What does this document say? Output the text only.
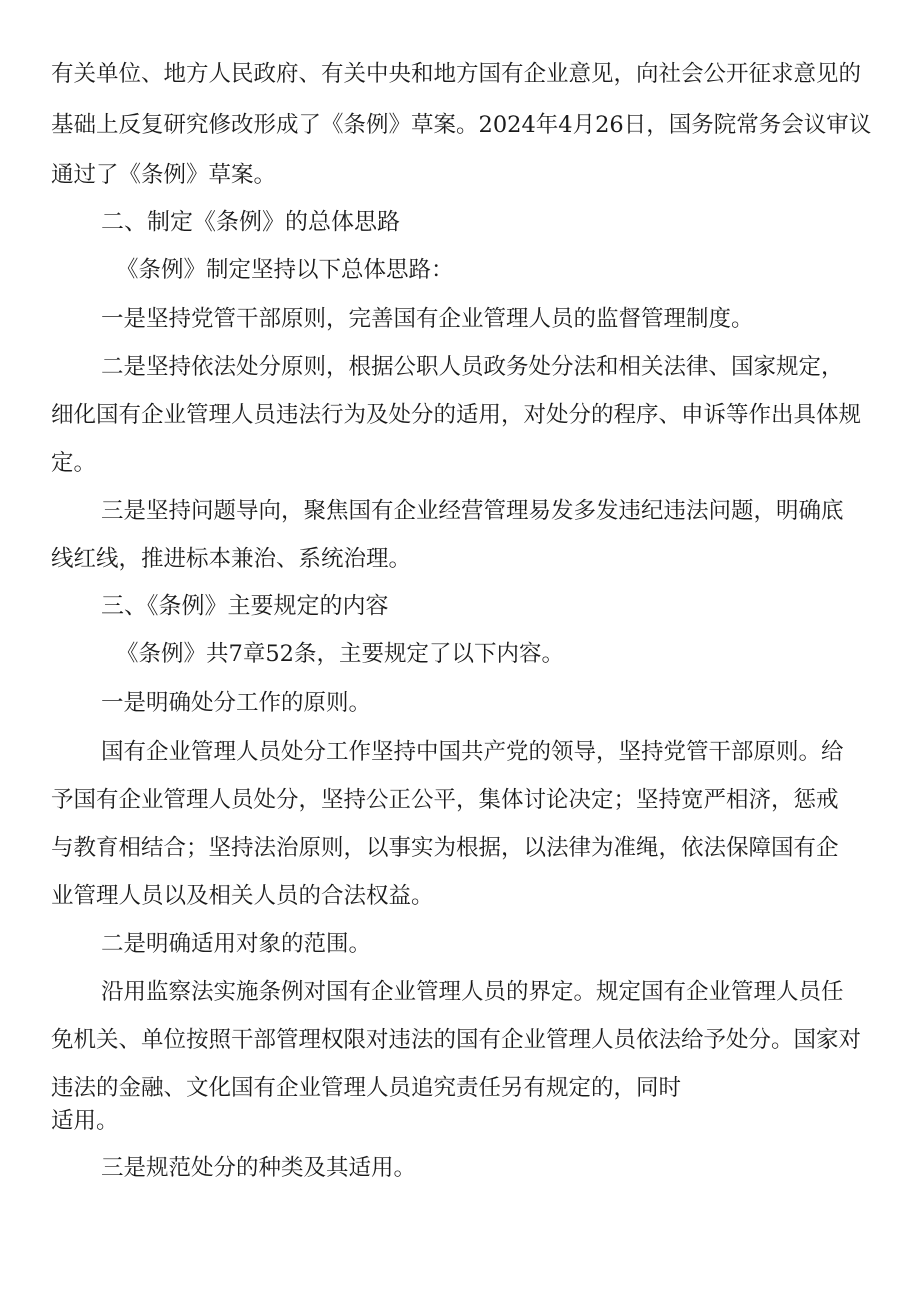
有关单位、地方人民政府、有关中央和地方国有企业意见，向社会公开征求意见的

基础上反复研究修改形成了《条例》草案。2024年4月26日，国务院常务会议审议

通过了《条例》草案。

二、制定《条例》的总体思路

《条例》制定坚持以下总体思路：

一是坚持党管干部原则，完善国有企业管理人员的监督管理制度。

二是坚持依法处分原则，根据公职人员政务处分法和相关法律、国家规定，

细化国有企业管理人员违法行为及处分的适用，对处分的程序、申诉等作出具体规

定。

三是坚持问题导向，聚焦国有企业经营管理易发多发违纪违法问题，明确底

线红线，推进标本兼治、系统治理。

三、《条例》主要规定的内容

《条例》共7章52条，主要规定了以下内容。

一是明确处分工作的原则。

国有企业管理人员处分工作坚持中国共产党的领导，坚持党管干部原则。给

予国有企业管理人员处分，坚持公正公平，集体讨论决定；坚持宽严相济，惩戒

与教育相结合；坚持法治原则，以事实为根据，以法律为准绳，依法保障国有企

业管理人员以及相关人员的合法权益。

二是明确适用对象的范围。

沿用监察法实施条例对国有企业管理人员的界定。规定国有企业管理人员任

免机关、单位按照干部管理权限对违法的国有企业管理人员依法给予处分。国家对

违法的金融、文化国有企业管理人员追究责任另有规定的，同时

适用。

三是规范处分的种类及其适用。
